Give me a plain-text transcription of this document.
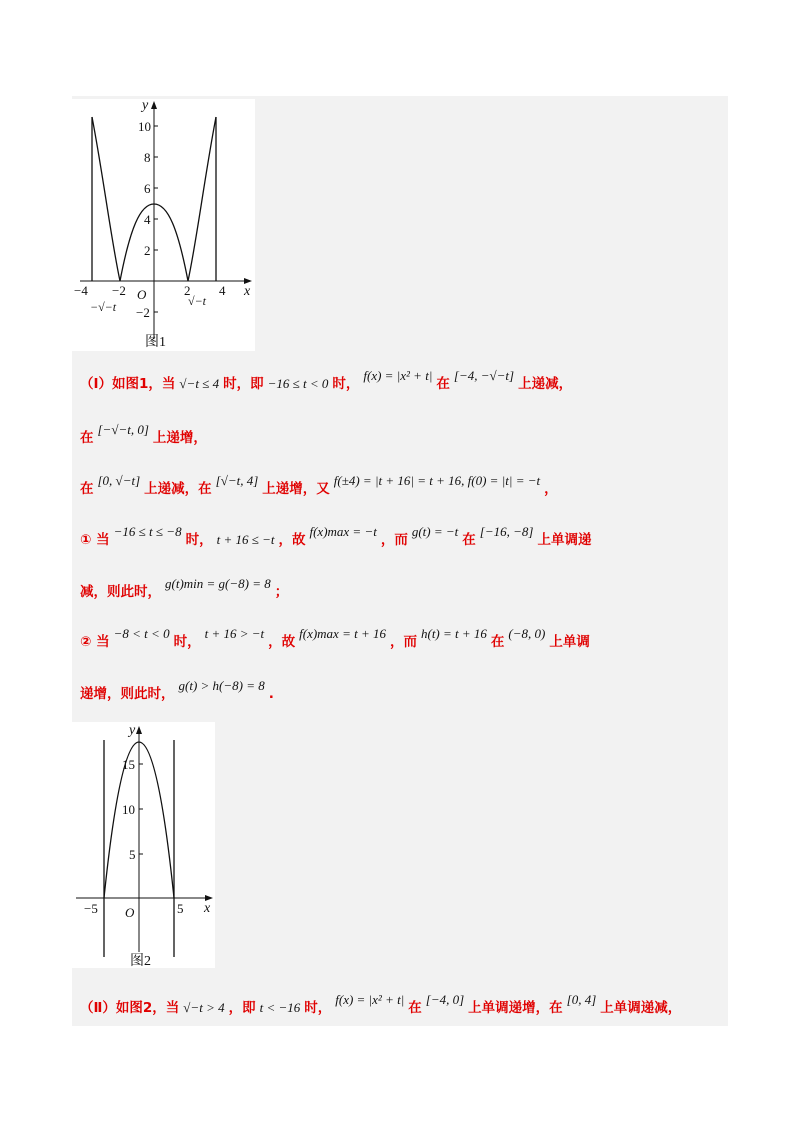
y
x
10
8
6
4
2
−2
−4 −2	2 4
O
−√−t	√−t
图1
（Ⅰ）如图1，当 √−t ≤ 4 时，即 −16 ≤ t < 0 时，f(x) = |x² + t|在[−4, −√−t]上递减，
在[−√−t, 0]上递增，
在[0, √−t]上递减，在[√−t, 4]上递增，又f(±4) = |t + 16| = t + 16, f(0) = |t| = −t，
① 当−16 ≤ t ≤ −8时， t + 16 ≤ −t ，故f(x)max = −t，而g(t) = −t在[−16, −8]上单调递
减，则此时，g(t)min = g(−8) = 8；
② 当−8 < t < 0时，t + 16 > −t，故f(x)max = t + 16，而h(t) = t + 16在(−8, 0)上单调
递增，则此时，g(t) > h(−8) = 8.
y
x
15
10
5
−5	5
O
图2
（Ⅱ）如图2，当 √−t > 4 ，即 t < −16 时，f(x) = |x² + t|在[−4, 0]上单调递增，在[0, 4]上单调递减，
